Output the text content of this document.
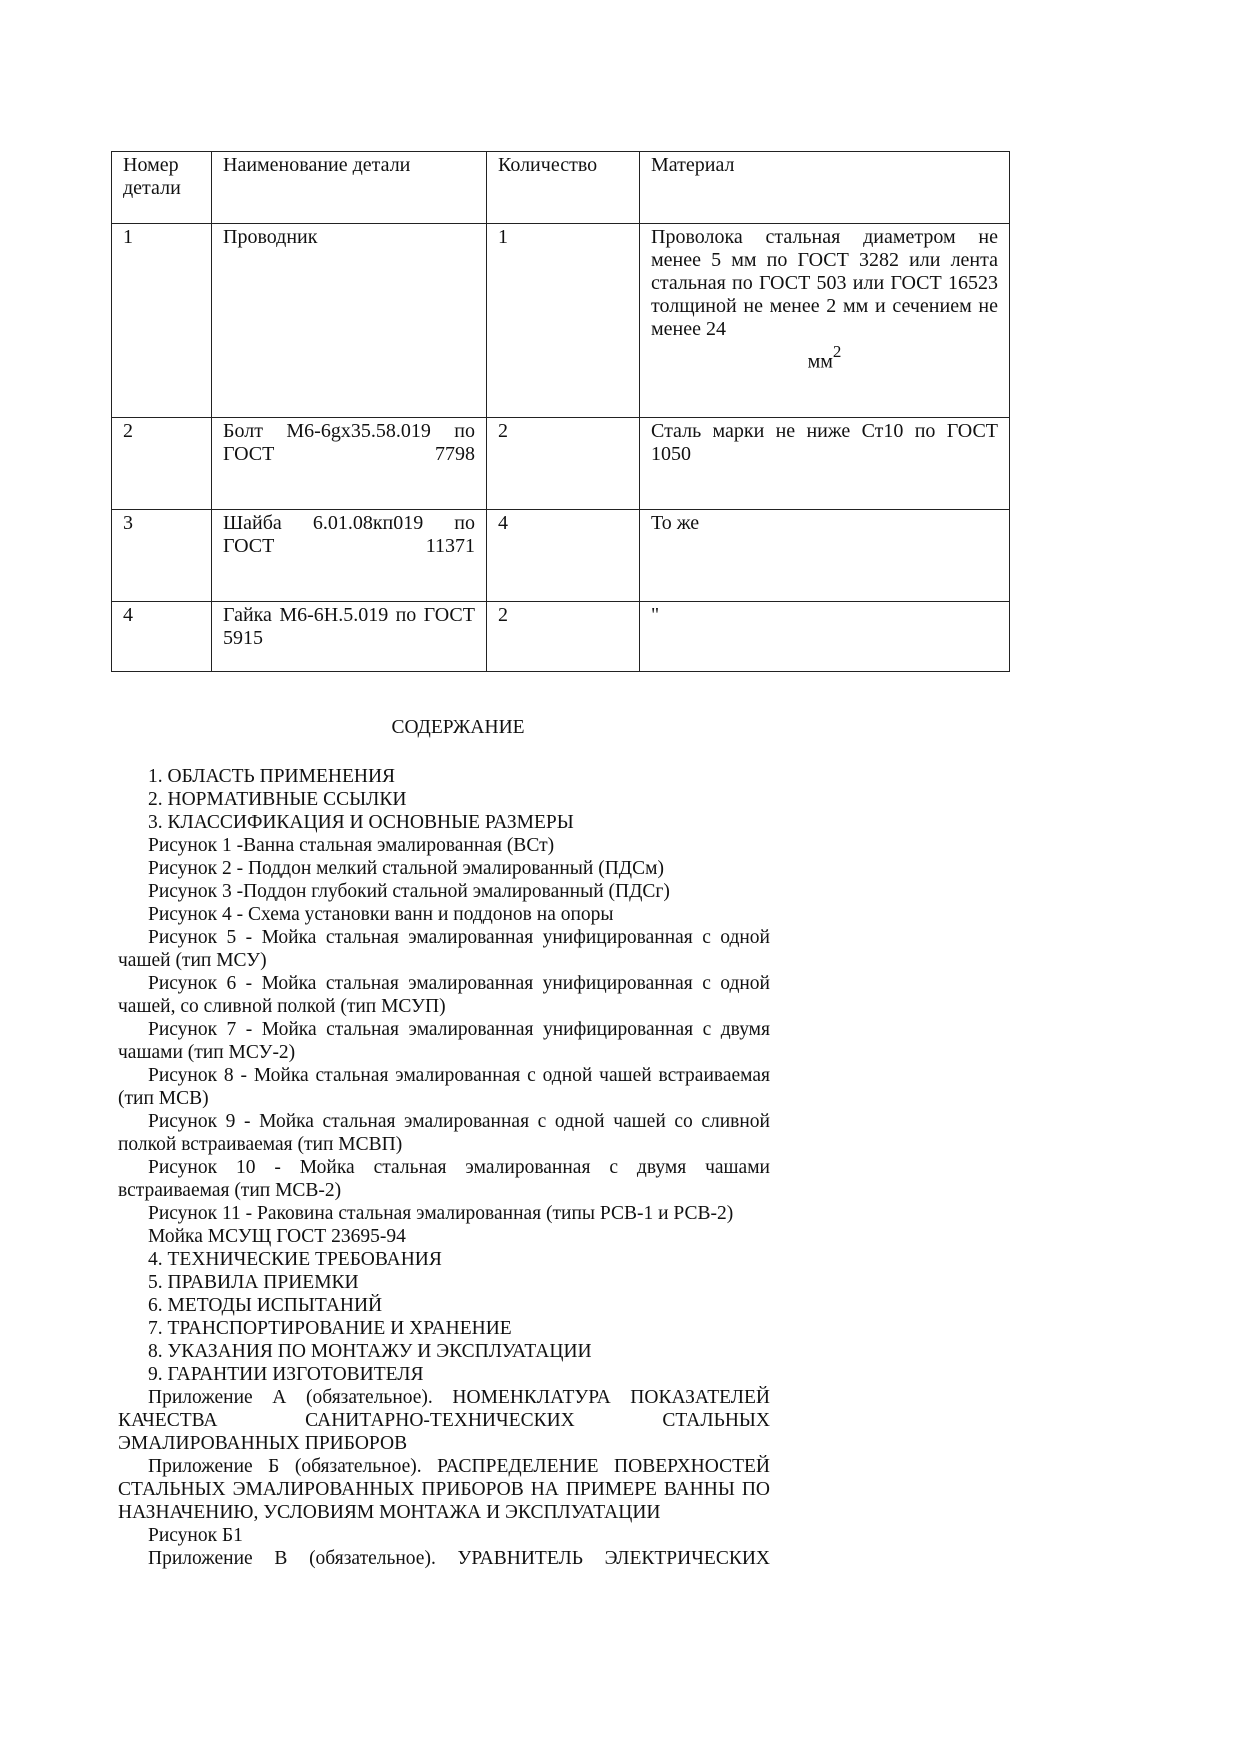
Номер детали	Наименование детали	Количество	Материал
1	Проводник	1	Проволока стальная диаметром не менее 5 мм по ГОСТ 3282 или лента стальная по ГОСТ 503 или ГОСТ 16523 толщиной не менее 2 мм и сечением не менее 24
$мм^2$

2	Болт М6-6gх35.58.019 по ГОСТ 7798	2	Сталь марки не ниже Ст10 по ГОСТ 1050
3	Шайба 6.01.08кп019 по ГОСТ 11371	4	То же
4	Гайка М6-6Н.5.019 по ГОСТ 5915	2	"
СОДЕРЖАНИЕ

1. ОБЛАСТЬ ПРИМЕНЕНИЯ

2. НОРМАТИВНЫЕ ССЫЛКИ

3. КЛАССИФИКАЦИЯ И ОСНОВНЫЕ РАЗМЕРЫ

Рисунок 1 -Ванна стальная эмалированная (ВСт)

Рисунок 2 - Поддон мелкий стальной эмалированный (ПДСм)

Рисунок 3 -Поддон глубокий стальной эмалированный (ПДСг)

Рисунок 4 - Схема установки ванн и поддонов на опоры

Рисунок 5 - Мойка стальная эмалированная унифицированная с одной чашей (тип МСУ)

Рисунок 6 - Мойка стальная эмалированная унифицированная с одной чашей, со сливной полкой (тип МСУП)

Рисунок 7 - Мойка стальная эмалированная унифицированная с двумя чашами (тип МСУ-2)

Рисунок 8 - Мойка стальная эмалированная с одной чашей встраиваемая (тип МСВ)

Рисунок 9 - Мойка стальная эмалированная с одной чашей со сливной полкой встраиваемая (тип МСВП)

Рисунок 10 - Мойка стальная эмалированная с двумя чашами встраиваемая (тип МСВ-2)

Рисунок 11 - Раковина стальная эмалированная (типы РСВ-1 и РСВ-2)

Мойка МСУЩ ГОСТ 23695-94

4. ТЕХНИЧЕСКИЕ ТРЕБОВАНИЯ

5. ПРАВИЛА ПРИЕМКИ

6. МЕТОДЫ ИСПЫТАНИЙ

7. ТРАНСПОРТИРОВАНИЕ И ХРАНЕНИЕ

8. УКАЗАНИЯ ПО МОНТАЖУ И ЭКСПЛУАТАЦИИ

9. ГАРАНТИИ ИЗГОТОВИТЕЛЯ

Приложение А (обязательное). НОМЕНКЛАТУРА ПОКАЗАТЕЛЕЙ КАЧЕСТВА САНИТАРНО-ТЕХНИЧЕСКИХ СТАЛЬНЫХ ЭМАЛИРОВАННЫХ ПРИБОРОВ

Приложение Б (обязательное). РАСПРЕДЕЛЕНИЕ ПОВЕРХНОСТЕЙ СТАЛЬНЫХ ЭМАЛИРОВАННЫХ ПРИБОРОВ НА ПРИМЕРЕ ВАННЫ ПО НАЗНАЧЕНИЮ, УСЛОВИЯМ МОНТАЖА И ЭКСПЛУАТАЦИИ

Рисунок Б1

Приложение В (обязательное). УРАВНИТЕЛЬ ЭЛЕКТРИЧЕСКИХ
